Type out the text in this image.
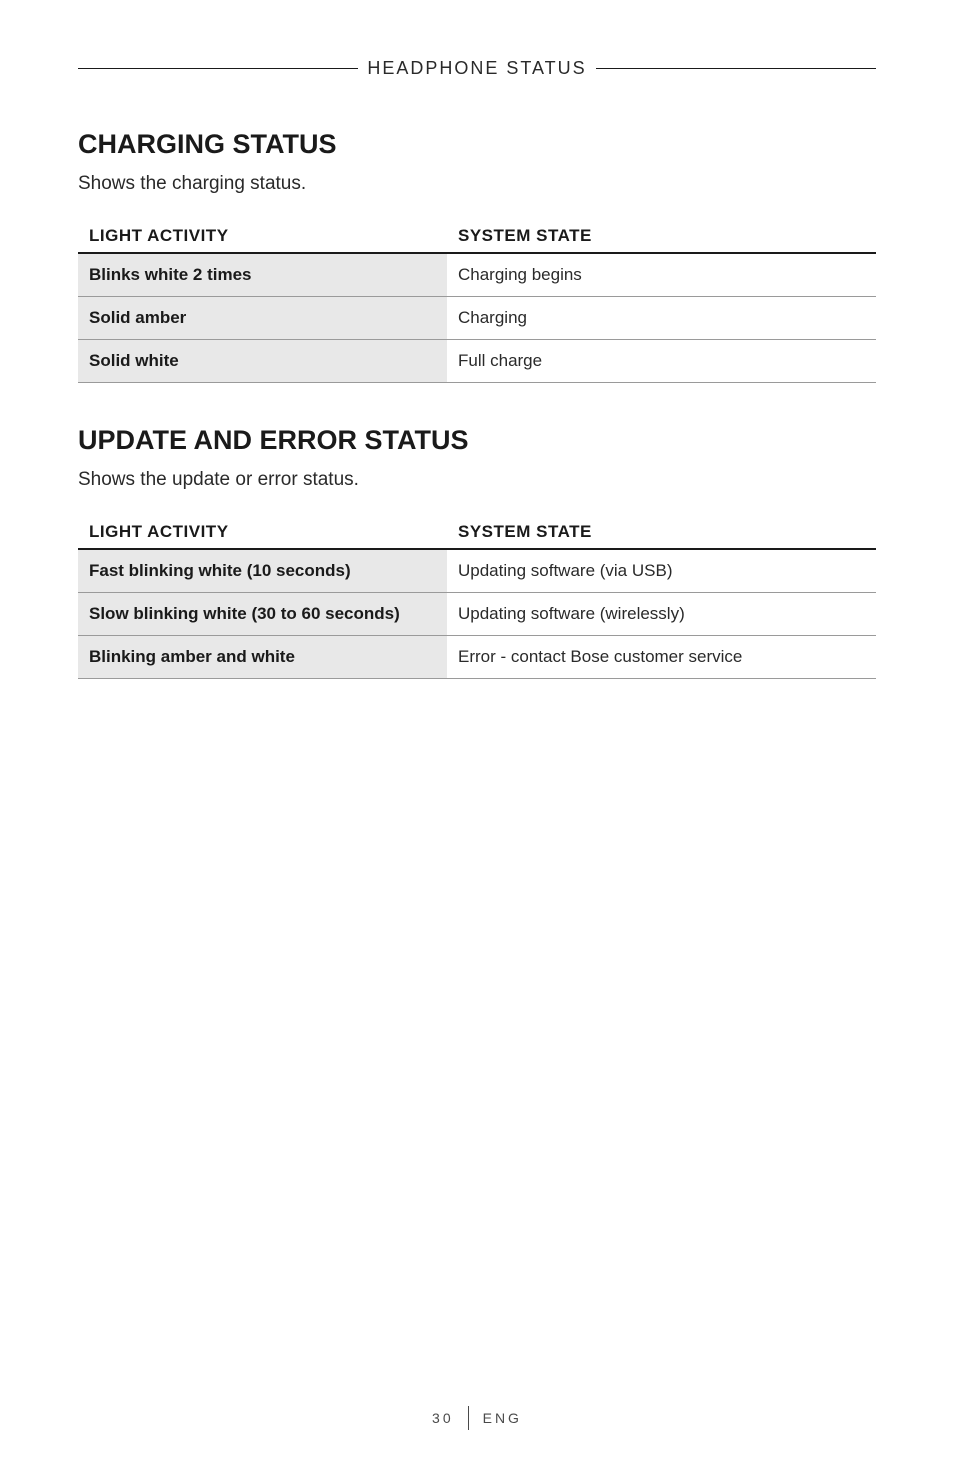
HEADPHONE STATUS
CHARGING STATUS

Shows the charging status.

LIGHT ACTIVITY	SYSTEM STATE
Blinks white 2 times	Charging begins
Solid amber	Charging
Solid white	Full charge
UPDATE AND ERROR STATUS

Shows the update or error status.

LIGHT ACTIVITY	SYSTEM STATE
Fast blinking white (10 seconds)	Updating software (via USB)
Slow blinking white (30 to 60 seconds)	Updating software (wirelessly)
Blinking amber and white	Error - contact Bose customer service
30 ENG
